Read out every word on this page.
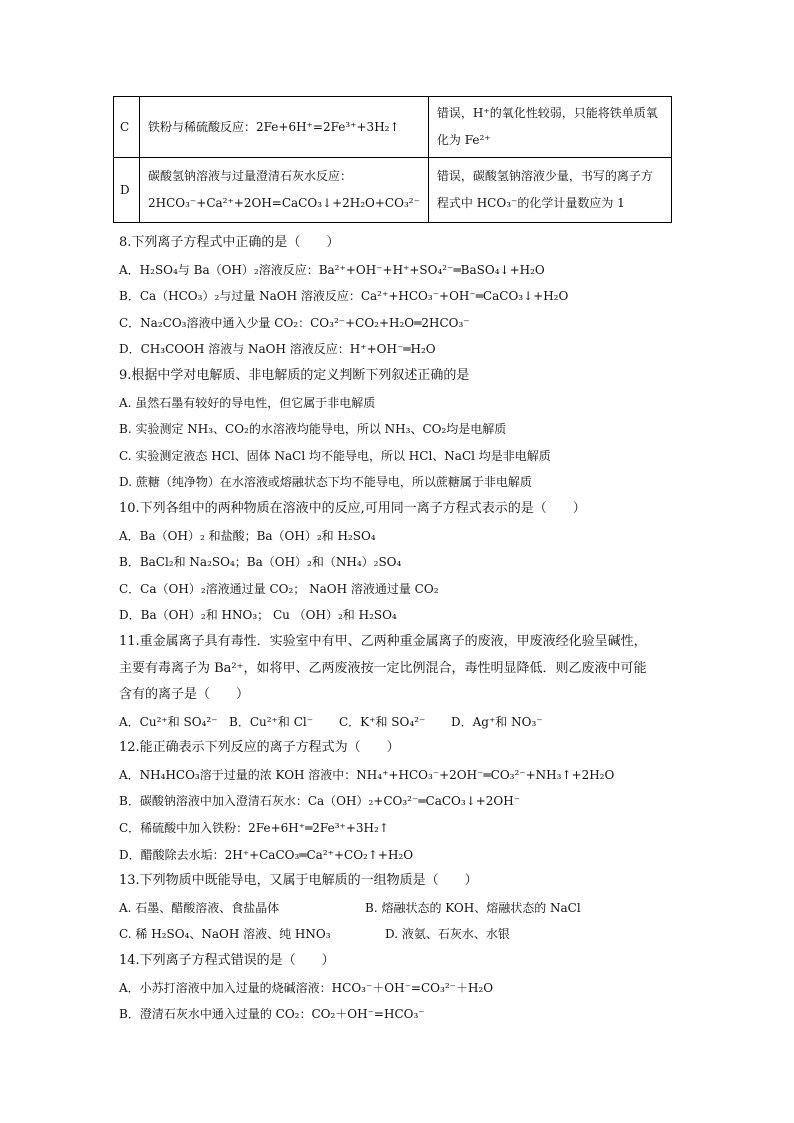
C	铁粉与稀硫酸反应：2Fe+6H⁺=2Fe³⁺+3H₂↑	错误，H⁺的氧化性较弱，只能将铁单质氧化为 Fe²⁺
D	碳酸氢钠溶液与过量澄清石灰水反应：2HCO₃⁻+Ca²⁺+2OH=CaCO₃↓+2H₂O+CO₃²⁻	错误，碳酸氢钠溶液少量，书写的离子方程式中 HCO₃⁻的化学计量数应为 1
8.下列离子方程式中正确的是（　　）
A．H₂SO₄与 Ba（OH）₂溶液反应：Ba²⁺+OH⁻+H⁺+SO₄²⁻═BaSO₄↓+H₂O
B．Ca（HCO₃）₂与过量 NaOH 溶液反应：Ca²⁺+HCO₃⁻+OH⁻═CaCO₃↓+H₂O
C．Na₂CO₃溶液中通入少量 CO₂：CO₃²⁻+CO₂+H₂O═2HCO₃⁻
D．CH₃COOH 溶液与 NaOH 溶液反应：H⁺+OH⁻═H₂O
9.根据中学对电解质、非电解质的定义判断下列叙述正确的是
A. 虽然石墨有较好的导电性，但它属于非电解质
B. 实验测定 NH₃、CO₂的水溶液均能导电，所以 NH₃、CO₂均是电解质
C. 实验测定液态 HCl、固体 NaCl 均不能导电，所以 HCl、NaCl 均是非电解质
D. 蔗糖（纯净物）在水溶液或熔融状态下均不能导电，所以蔗糖属于非电解质
10.下列各组中的两种物质在溶液中的反应,可用同一离子方程式表示的是（　　）
A．Ba（OH）₂ 和盐酸；Ba（OH）₂和 H₂SO₄
B．BaCl₂和 Na₂SO₄；Ba（OH）₂和（NH₄）₂SO₄
C．Ca（OH）₂溶液通过量 CO₂； NaOH 溶液通过量 CO₂
D．Ba（OH）₂和 HNO₃； Cu （OH）₂和 H₂SO₄
11.重金属离子具有毒性．实验室中有甲、乙两种重金属离子的废液，甲废液经化验呈碱性，
主要有毒离子为 Ba²⁺，如将甲、乙两废液按一定比例混合，毒性明显降低．则乙废液中可能
含有的离子是（　　）
A．Cu²⁺和 SO₄²⁻ B．Cu²⁺和 Cl⁻	C．K⁺和 SO₄²⁻	D．Ag⁺和 NO₃⁻
12.能正确表示下列反应的离子方程式为（　　）
A．NH₄HCO₃溶于过量的浓 KOH 溶液中：NH₄⁺+HCO₃⁻+2OH⁻═CO₃²⁻+NH₃↑+2H₂O
B．碳酸钠溶液中加入澄清石灰水：Ca（OH）₂+CO₃²⁻═CaCO₃↓+2OH⁻
C．稀硫酸中加入铁粉：2Fe+6H⁺═2Fe³⁺+3H₂↑
D．醋酸除去水垢：2H⁺+CaCO₃═Ca²⁺+CO₂↑+H₂O
13.下列物质中既能导电，又属于电解质的一组物质是（　　）
A. 石墨、醋酸溶液、食盐晶体	B. 熔融状态的 KOH、熔融状态的 NaCl
C. 稀 H₂SO₄、NaOH 溶液、纯 HNO₃	D. 液氨、石灰水、水银
14.下列离子方程式错误的是（　　）
A．小苏打溶液中加入过量的烧碱溶液：HCO₃⁻＋OH⁻=CO₃²⁻＋H₂O
B．澄清石灰水中通入过量的 CO₂：CO₂＋OH⁻=HCO₃⁻
